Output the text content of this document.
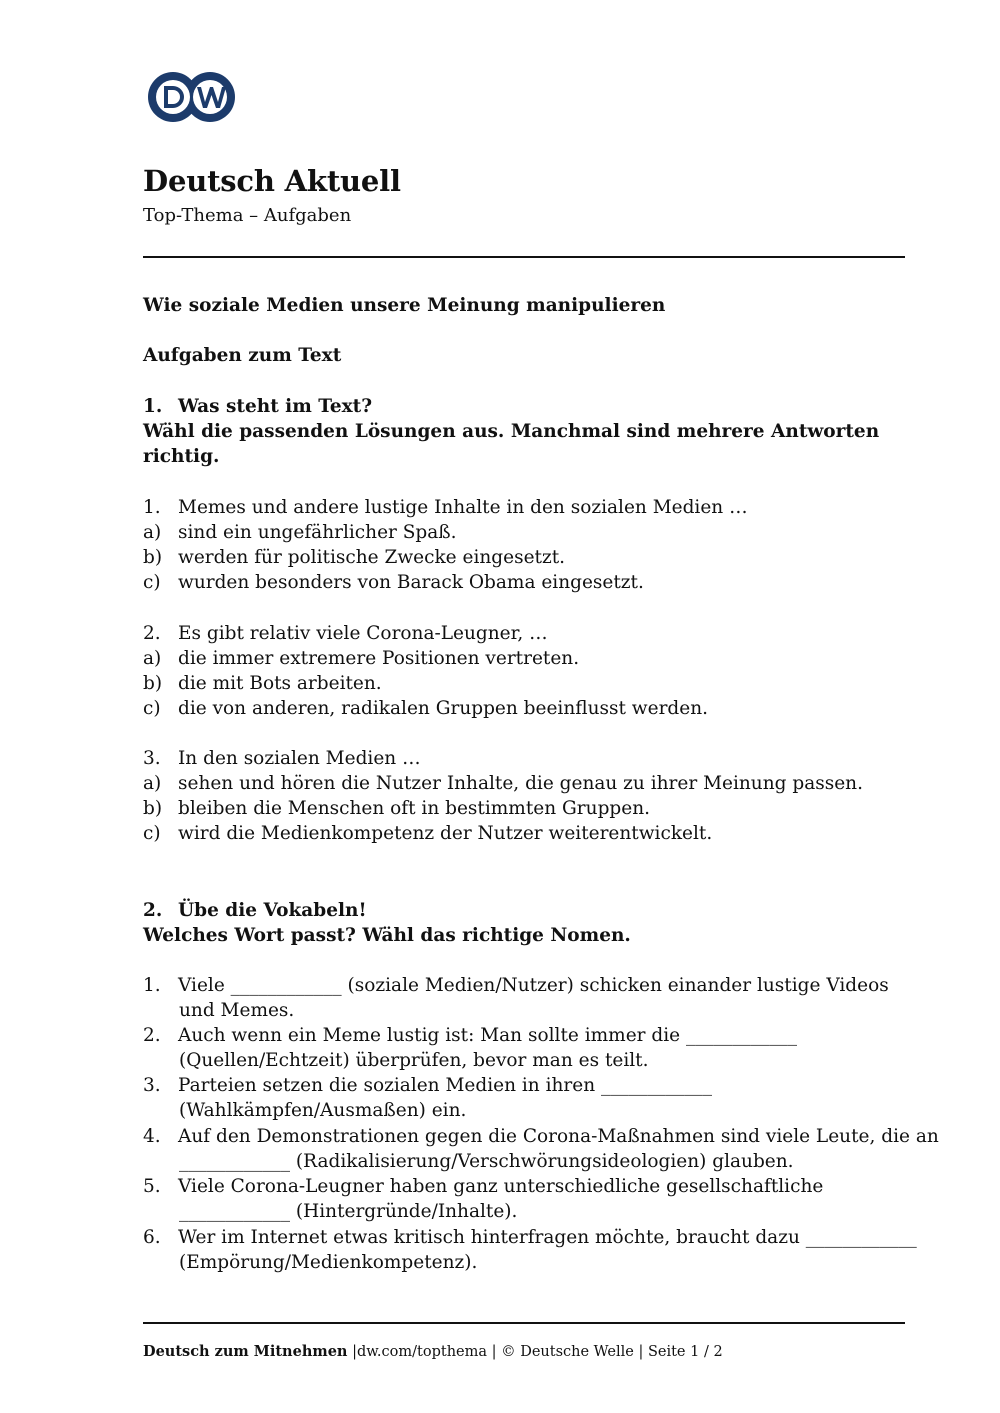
Deutsch Aktuell
Top-Thema – Aufgaben
Wie soziale Medien unsere Meinung manipulieren
Aufgaben zum Text
1. Was steht im Text?
Wähl die passenden Lösungen aus. Manchmal sind mehrere Antworten
richtig.
1. Memes und andere lustige Inhalte in den sozialen Medien …
a) sind ein ungefährlicher Spaß.
b) werden für politische Zwecke eingesetzt.
c) wurden besonders von Barack Obama eingesetzt.
2. Es gibt relativ viele Corona-Leugner, …
a) die immer extremere Positionen vertreten.
b) die mit Bots arbeiten.
c) die von anderen, radikalen Gruppen beeinflusst werden.
3. In den sozialen Medien …
a) sehen und hören die Nutzer Inhalte, die genau zu ihrer Meinung passen.
b) bleiben die Menschen oft in bestimmten Gruppen.
c) wird die Medienkompetenz der Nutzer weiterentwickelt.
2. Übe die Vokabeln!
Welches Wort passt? Wähl das richtige Nomen.
1. Viele ____________ (soziale Medien/Nutzer) schicken einander lustige Videos
und Memes.
2. Auch wenn ein Meme lustig ist: Man sollte immer die ____________
(Quellen/Echtzeit) überprüfen, bevor man es teilt.
3. Parteien setzen die sozialen Medien in ihren ____________
(Wahlkämpfen/Ausmaßen) ein.
4. Auf den Demonstrationen gegen die Corona-Maßnahmen sind viele Leute, die an
____________ (Radikalisierung/Verschwörungsideologien) glauben.
5. Viele Corona-Leugner haben ganz unterschiedliche gesellschaftliche
____________ (Hintergründe/Inhalte).
6. Wer im Internet etwas kritisch hinterfragen möchte, braucht dazu ____________
(Empörung/Medienkompetenz).
Deutsch zum Mitnehmen |dw.com/topthema | © Deutsche Welle | Seite 1 / 2
